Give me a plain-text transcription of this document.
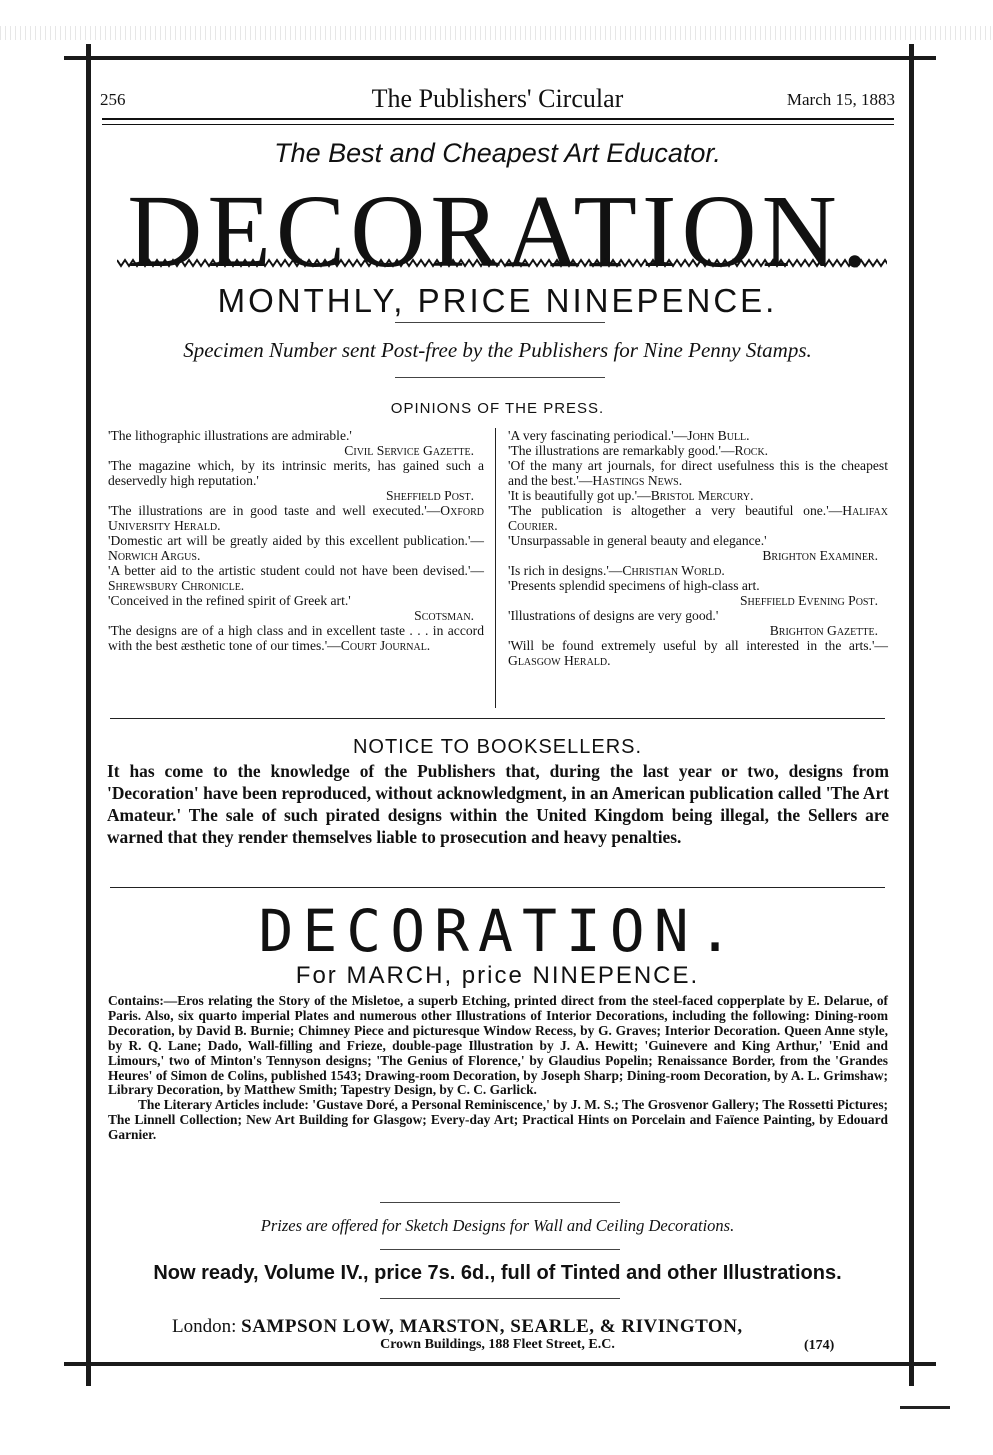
256	The Publishers' Circular	March 15, 1883
The Best and Cheapest Art Educator.
DECORATION.
MONTHLY, PRICE NINEPENCE.
Specimen Number sent Post-free by the Publishers for Nine Penny Stamps.
OPINIONS OF THE PRESS.

'The lithographic illustrations are admirable.'
Civil Service Gazette.

'The magazine which, by its intrinsic merits, has gained such a deservedly high reputation.'
Sheffield Post.

'The illustrations are in good taste and well executed.'—Oxford University Herald.

'Domestic art will be greatly aided by this excellent publication.'—Norwich Argus.

'A better aid to the artistic student could not have been devised.'—Shrewsbury Chronicle.

'Conceived in the refined spirit of Greek art.'
Scotsman.

'The designs are of a high class and in excellent taste . . . in accord with the best æsthetic tone of our times.'—Court Journal.

'A very fascinating periodical.'—John Bull.

'The illustrations are remarkably good.'—Rock.

'Of the many art journals, for direct usefulness this is the cheapest and the best.'—Hastings News.

'It is beautifully got up.'—Bristol Mercury.

'The publication is altogether a very beautiful one.'—Halifax Courier.

'Unsurpassable in general beauty and elegance.'
Brighton Examiner.

'Is rich in designs.'—Christian World.

'Presents splendid specimens of high-class art.
Sheffield Evening Post.

'Illustrations of designs are very good.'
Brighton Gazette.

'Will be found extremely useful by all interested in the arts.'—Glasgow Herald.

NOTICE TO BOOKSELLERS.
It has come to the knowledge of the Publishers that, during the last year or two, designs from 'Decoration' have been reproduced, without acknowledgment, in an American publication called 'The Art Amateur.' The sale of such pirated designs within the United Kingdom being illegal, the Sellers are warned that they render themselves liable to prosecution and heavy penalties.
DECORATION.
For MARCH, price NINEPENCE.

Contains:—Eros relating the Story of the Misletoe, a superb Etching, printed direct from the steel-faced copperplate by E. Delarue, of Paris. Also, six quarto imperial Plates and numerous other Illustrations of Interior Decorations, including the following: Dining-room Decoration, by David B. Burnie; Chimney Piece and picturesque Window Recess, by G. Graves; Interior Decoration. Queen Anne style, by R. Q. Lane; Dado, Wall-filling and Frieze, double-page Illustration by J. A. Hewitt; 'Guinevere and King Arthur,' 'Enid and Limours,' two of Minton's Tennyson designs; 'The Genius of Florence,' by Glaudius Popelin; Renaissance Border, from the 'Grandes Heures' of Simon de Colins, published 1543; Drawing-room Decoration, by Joseph Sharp; Dining-room Decoration, by A. L. Grimshaw; Library Decoration, by Matthew Smith; Tapestry Design, by C. C. Garlick.

The Literary Articles include: 'Gustave Doré, a Personal Reminiscence,' by J. M. S.; The Grosvenor Gallery; The Rossetti Pictures; The Linnell Collection; New Art Building for Glasgow; Every-day Art; Practical Hints on Porcelain and Faïence Painting, by Edouard Garnier.

Prizes are offered for Sketch Designs for Wall and Ceiling Decorations.
Now ready, Volume IV., price 7s. 6d., full of Tinted and other Illustrations.
London: SAMPSON LOW, MARSTON, SEARLE, & RIVINGTON,
Crown Buildings, 188 Fleet Street, E.C.	(174)
